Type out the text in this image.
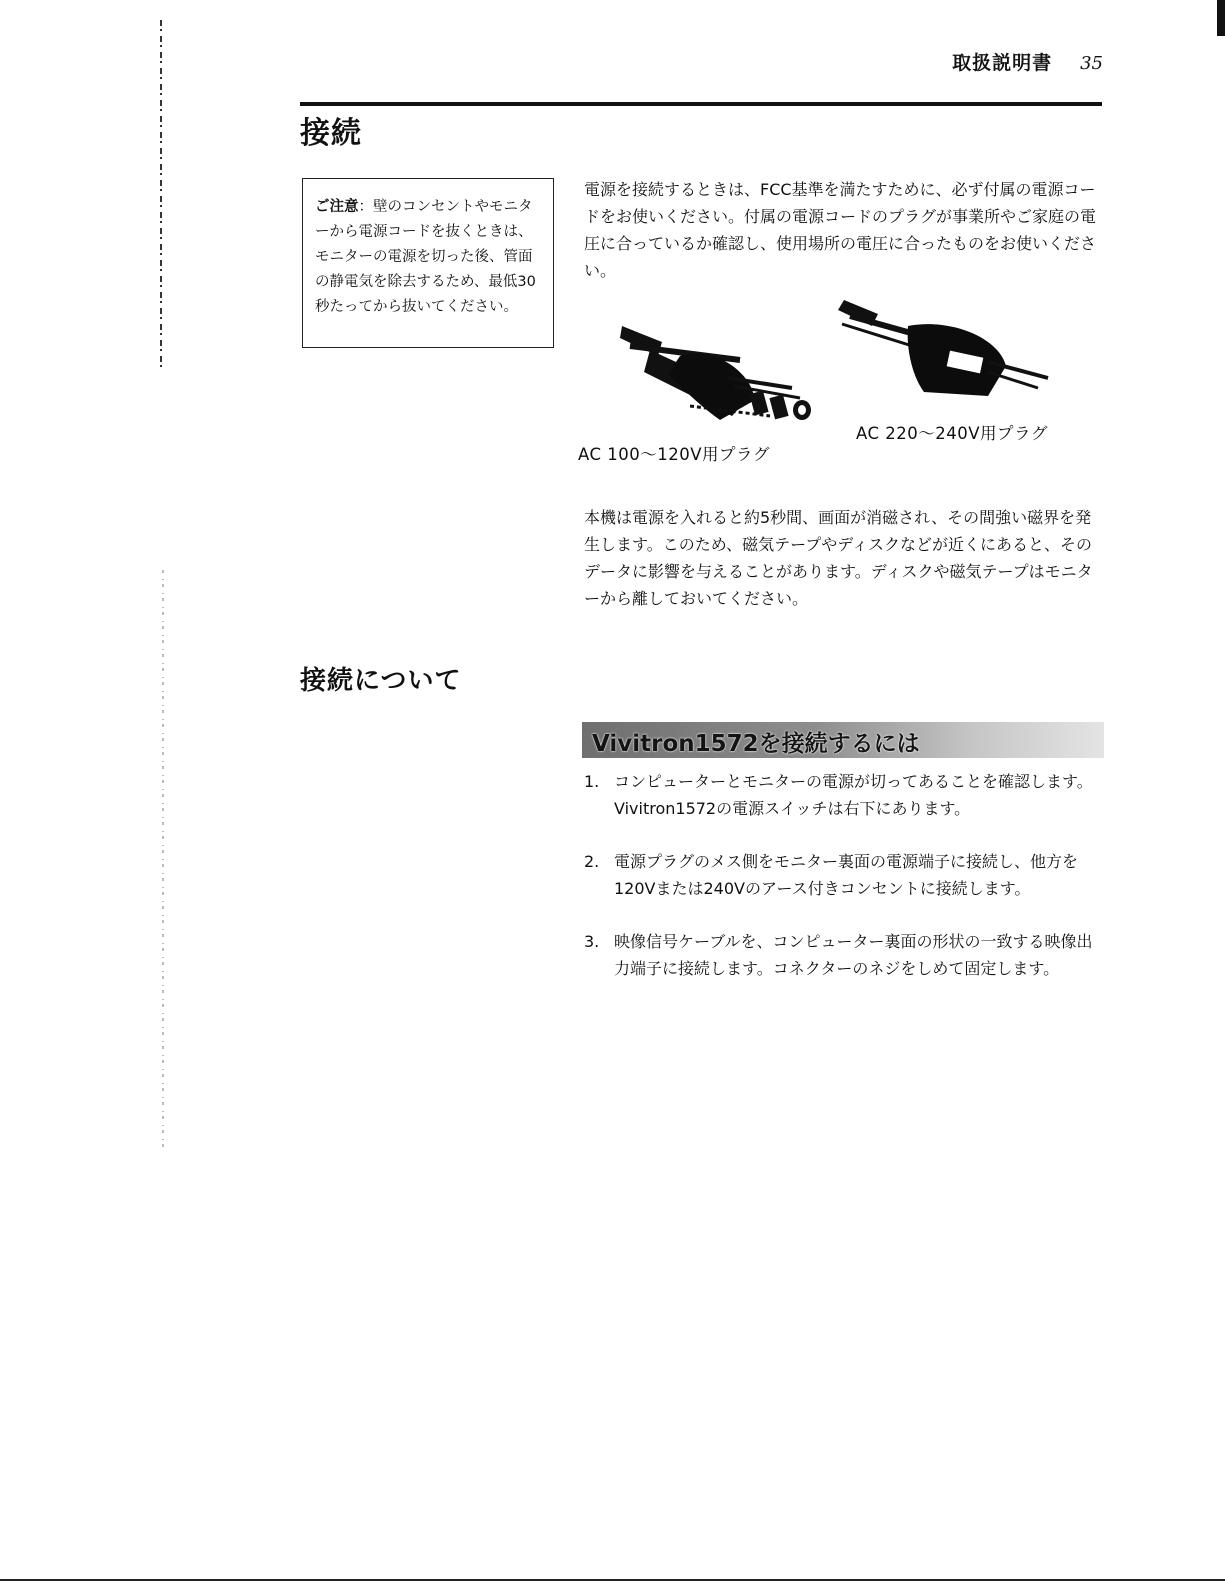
取扱説明書 35
接続
ご注意：壁のコンセントやモニターから電源コードを抜くときは、モニターの電源を切った後、管面の静電気を除去するため、最低30秒たってから抜いてください。

電源を接続するときは、FCC基準を満たすために、必ず付属の電源コードをお使いください。付属の電源コードのプラグが事業所やご家庭の電圧に合っているか確認し、使用場所の電圧に合ったものをお使いください。

AC 100〜120V用プラグ
AC 220〜240V用プラグ

本機は電源を入れると約5秒間、画面が消磁され、その間強い磁界を発生します。このため、磁気テープやディスクなどが近くにあると、そのデータに影響を与えることがあります。ディスクや磁気テープはモニターから離しておいてください。

接続について
Vivitron1572を接続するには
1. コンピューターとモニターの電源が切ってあることを確認します。Vivitron1572の電源スイッチは右下にあります。
2. 電源プラグのメス側をモニター裏面の電源端子に接続し、他方を120Vまたは240Vのアース付きコンセントに接続します。
3. 映像信号ケーブルを、コンピューター裏面の形状の一致する映像出力端子に接続します。コネクターのネジをしめて固定します。
